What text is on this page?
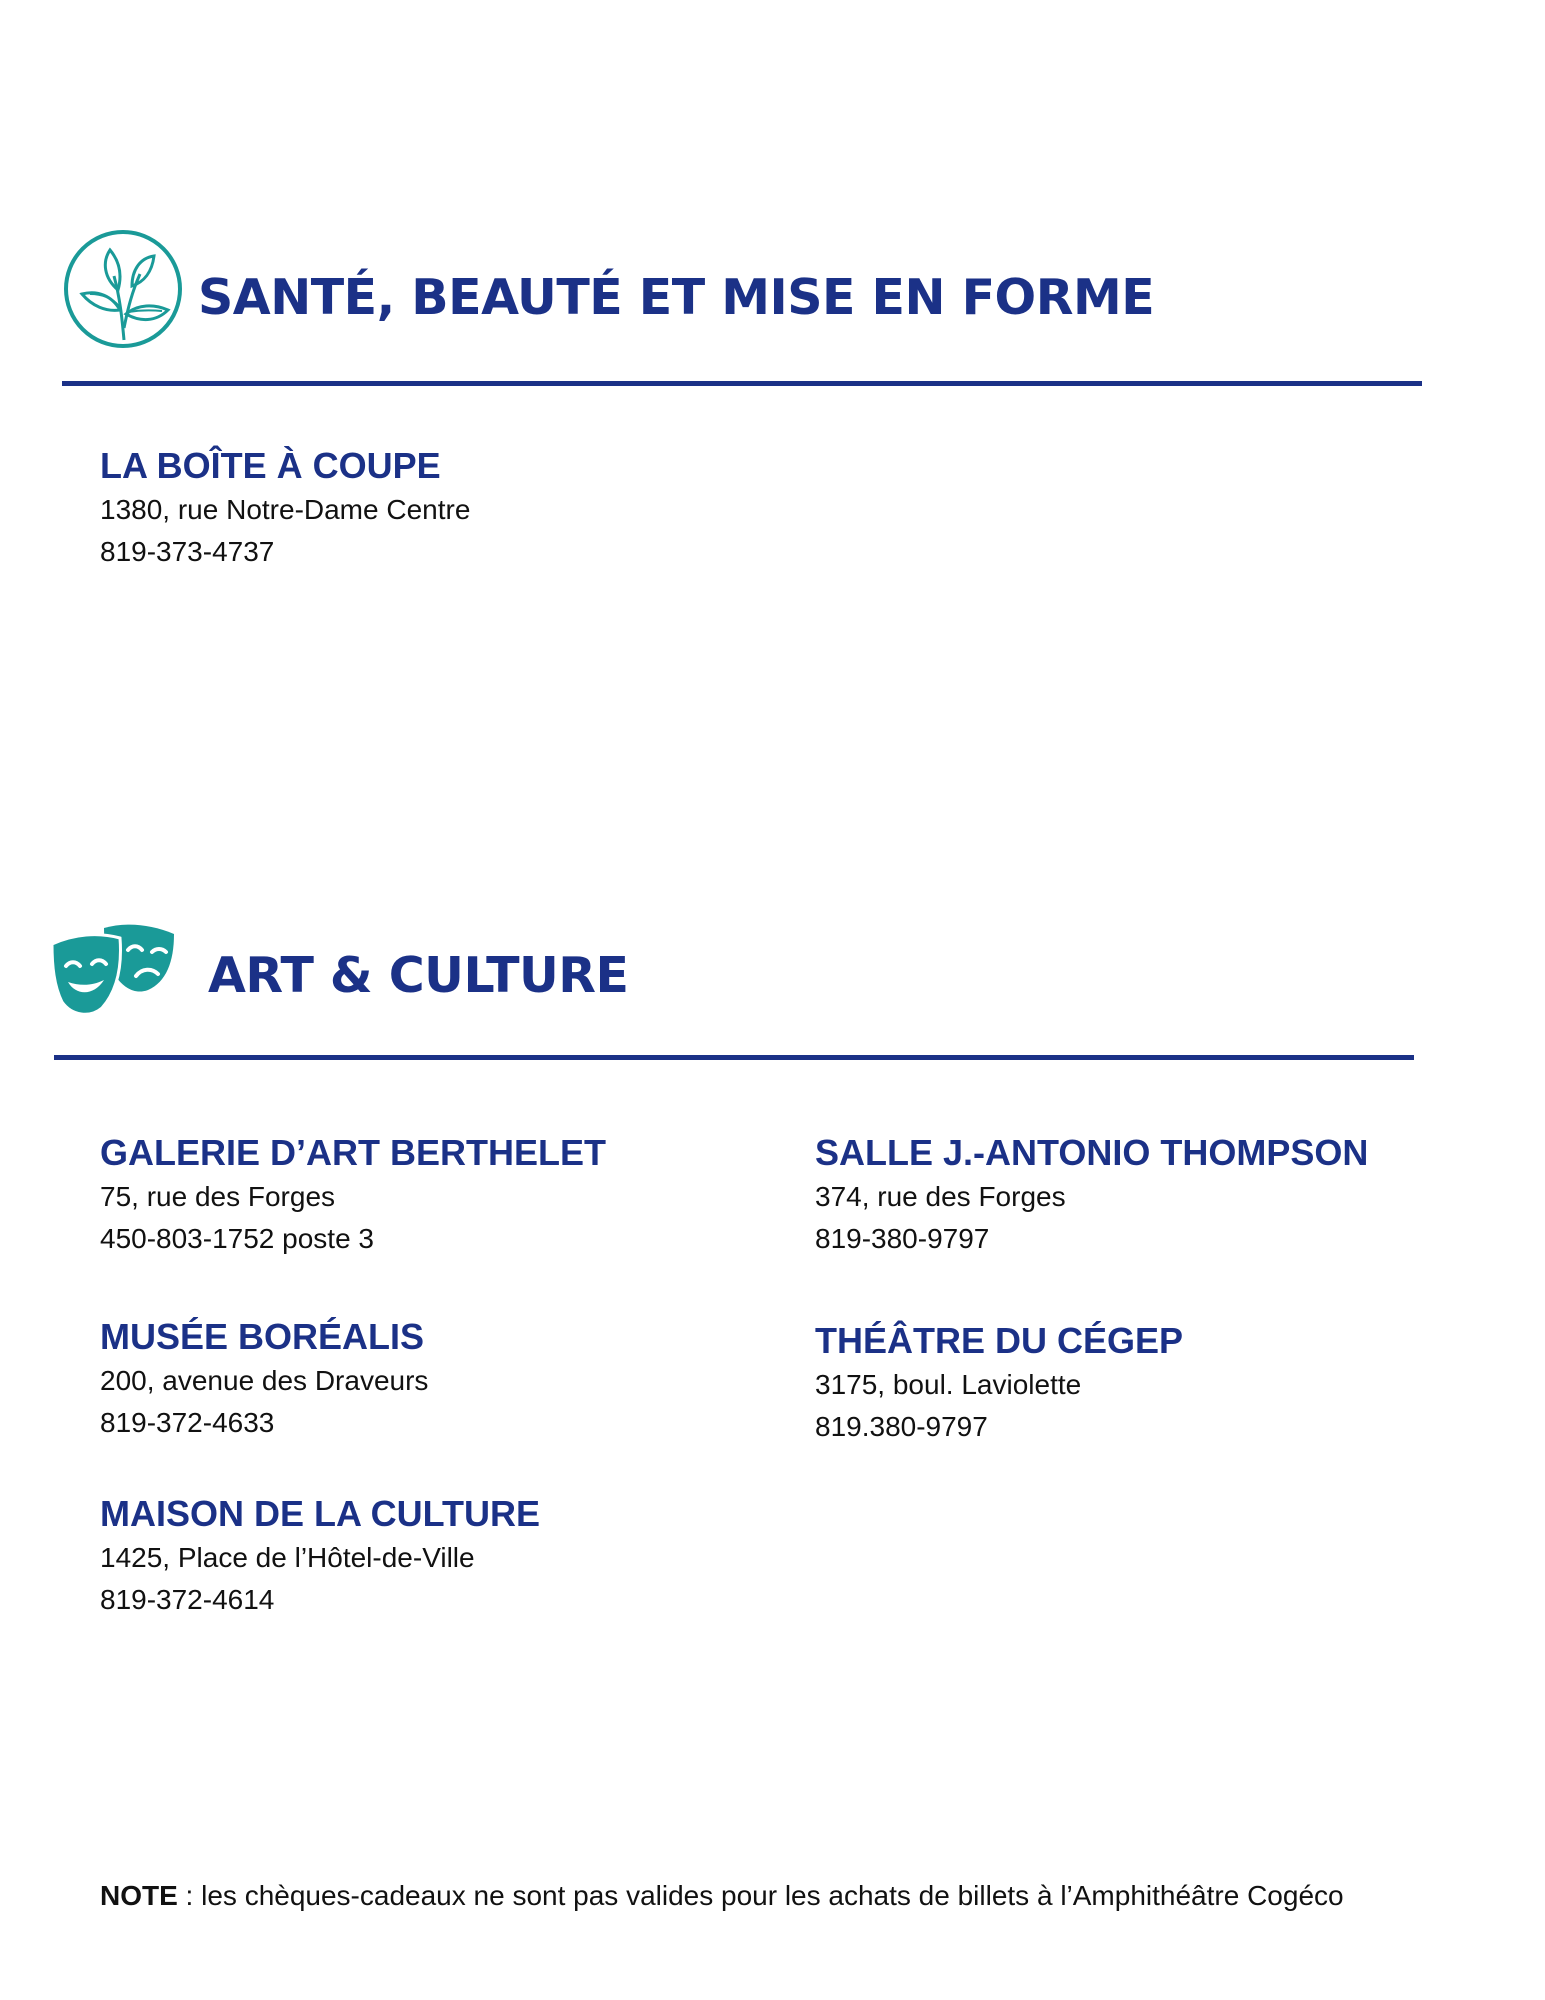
SANTÉ, BEAUTÉ ET MISE EN FORME
LA BOÎTE À COUPE
1380, rue Notre-Dame Centre
819-373-4737
ART & CULTURE
GALERIE D’ART BERTHELET
75, rue des Forges
450-803-1752 poste 3
MUSÉE BORÉALIS
200, avenue des Draveurs
819-372-4633
MAISON DE LA CULTURE
1425, Place de l’Hôtel-de-Ville
819-372-4614
SALLE J.-ANTONIO THOMPSON
374, rue des Forges
819-380-9797
THÉÂTRE DU CÉGEP
3175, boul. Laviolette
819.380-9797
NOTE : les chèques-cadeaux ne sont pas valides pour les achats de billets à l’Amphithéâtre Cogéco
